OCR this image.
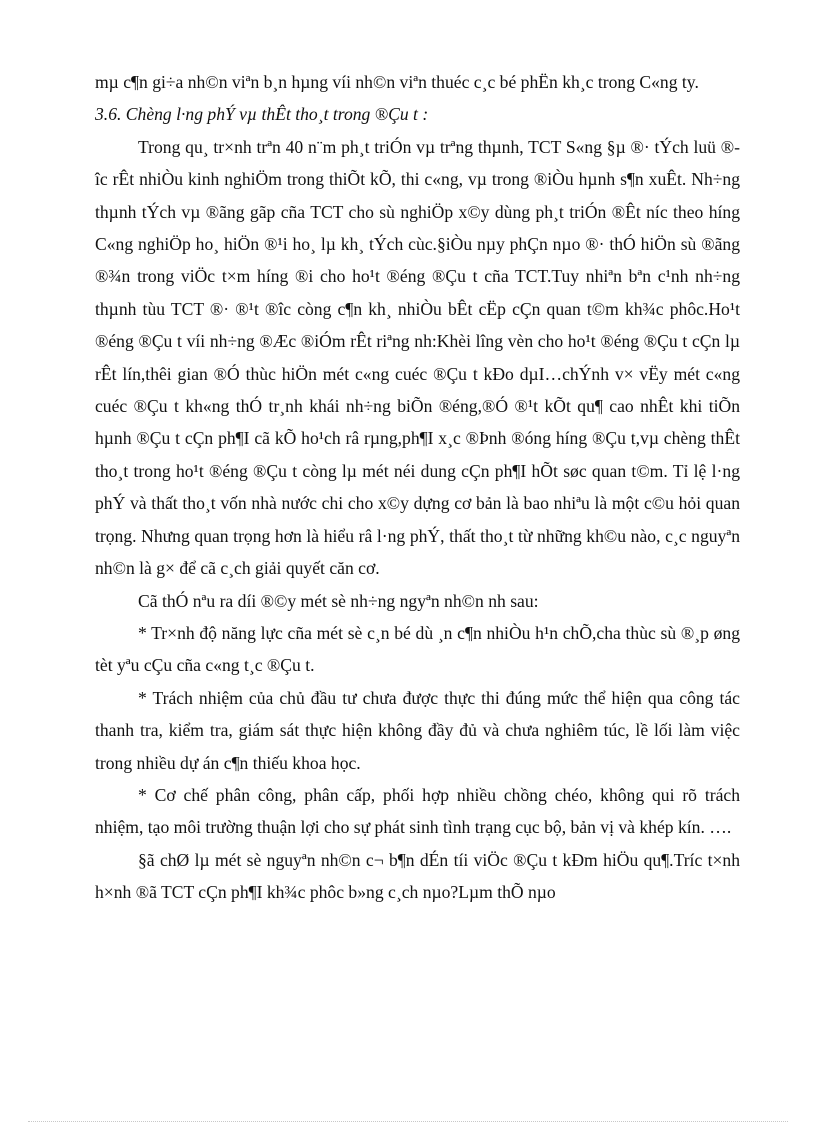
mµ c¶n gi÷a nh©n viªn b¸n hµng víi nh©n viªn thuéc c¸c bé phËn kh¸c trong C«ng ty.

3.6. Chèng l·ng phÝ vµ thÊt tho¸t trong ®Çu t :

Trong qu¸ tr×nh trªn 40 n¨m ph¸t triÓn vµ trªng thµnh, TCT S«ng §µ ®· tÝch luü ®îc rÊt nhiÒu kinh nghiÖm trong thiÕt kÕ, thi c«ng, vµ trong ®iÒu hµnh s¶n xuÊt. Nh÷ng thµnh tÝch vµ ®ãng gãp cña TCT cho sù nghiÖp x©y dùng ph¸t triÓn ®Êt níc theo híng C«ng nghiÖp ho¸ hiÖn ®¹i ho¸ lµ kh¸ tÝch cùc.§iÒu nµy phÇn nµo ®· thÓ hiÖn sù ®ãng ®¾n trong viÖc t×m híng ®i cho ho¹t ®éng ®Çu t cña TCT.Tuy nhiªn bªn c¹nh nh÷ng thµnh tùu TCT ®· ®¹t ®îc còng c¶n kh¸ nhiÒu bÊt cËp cÇn quan t©m kh¾c phôc.Ho¹t ®éng ®Çu t víi nh÷ng ®Æc ®iÓm rÊt riªng nh:Khèi lîng vèn cho ho¹t ®éng ®Çu t cÇn lµ rÊt lín,thêi gian ®Ó thùc hiÖn mét c«ng cuéc ®Çu t kÐo dµI…chÝnh v× vËy mét c«ng cuéc ®Çu t kh«ng thÓ tr¸nh khái nh÷ng biÕn ®éng,®Ó ®¹t kÕt qu¶ cao nhÊt khi tiÕn hµnh ®Çu t cÇn ph¶I cã kÕ ho¹ch râ rµng,ph¶I x¸c ®Þnh ®óng híng ®Çu t,vµ chèng thÊt tho¸t trong ho¹t ®éng ®Çu t còng lµ mét néi dung cÇn ph¶I hÕt søc quan t©m. Tỉ lệ l·ng phÝ và thất tho¸t vốn nhà nước chi cho x©y dựng cơ bản là bao nhiªu là một c©u hỏi quan trọng. Nhưng quan trọng hơn là hiểu râ l·ng phÝ, thất tho¸t từ những kh©u nào, c¸c nguyªn nh©n là g× để cã c¸ch giải quyết căn cơ.

Cã thÓ nªu ra díi ®©y mét sè nh÷ng ngyªn nh©n nh sau:

* Tr×nh độ năng lực cña mét sè c¸n bé dù ¸n c¶n nhiÒu h¹n chÕ,cha thùc sù ®¸p øng tèt yªu cÇu cña c«ng t¸c ®Çu t.

* Trách nhiệm của chủ đầu tư chưa được thực thi đúng mức thể hiện qua công tác thanh tra, kiểm tra, giám sát thực hiện không đầy đủ và chưa nghiêm túc, lề lối làm việc trong nhiều dự án c¶n thiếu khoa học.

* Cơ chế phân công, phân cấp, phối hợp nhiều chồng chéo, không qui rõ trách nhiệm, tạo môi trường thuận lợi cho sự phát sinh tình trạng cục bộ, bản vị và khép kín. ….

§ã chØ lµ mét sè nguyªn nh©n c¬ b¶n dÉn tíi viÖc ®Çu t kÐm hiÖu qu¶.Tríc t×nh h×nh ®ã TCT cÇn ph¶I kh¾c phôc b»ng c¸ch nµo?Lµm thÕ nµo
